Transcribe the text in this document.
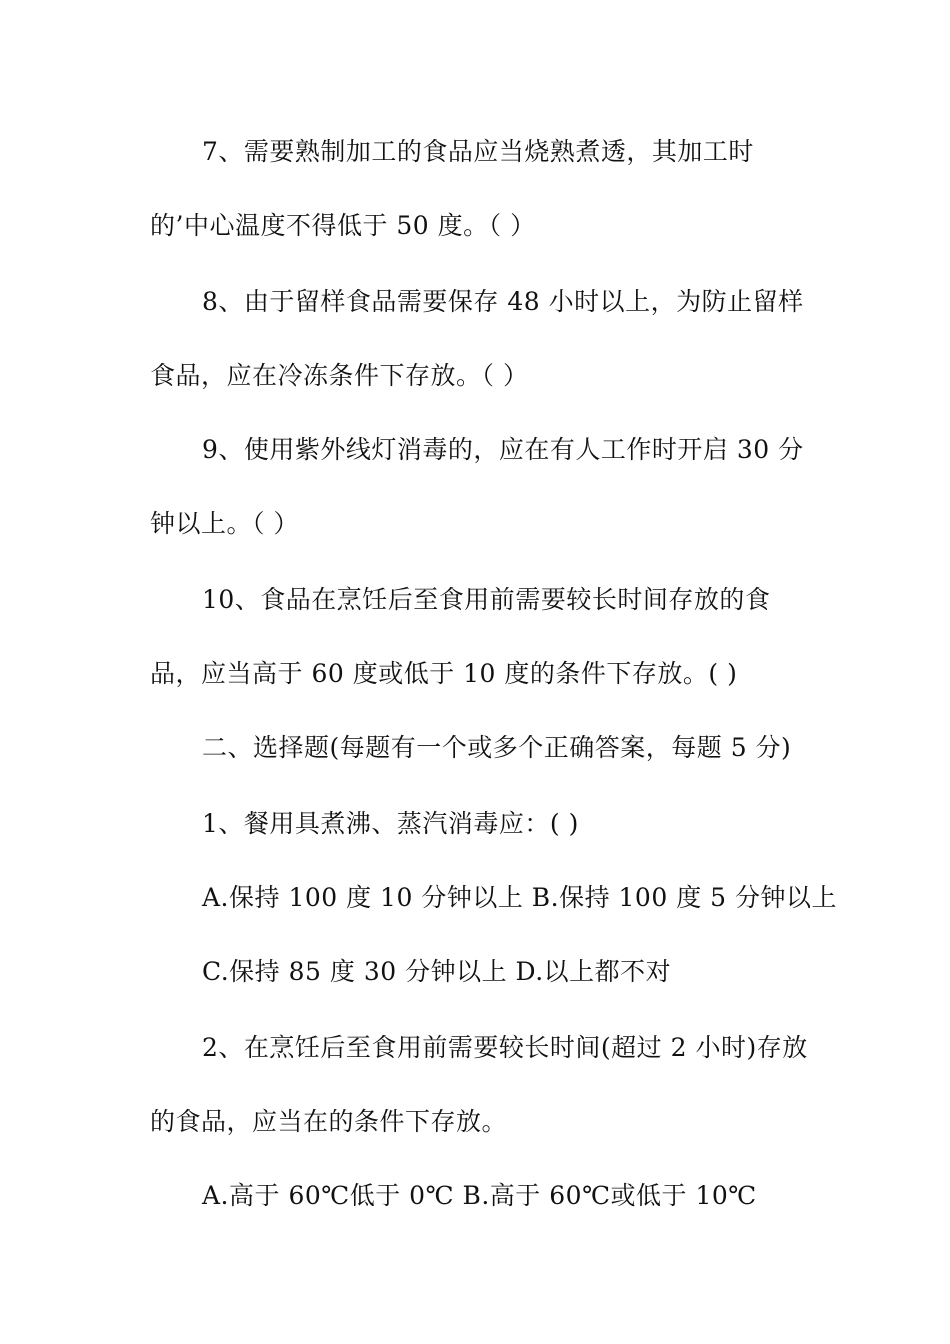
7、需要熟制加工的食品应当烧熟煮透，其加工时
的’中心温度不得低于 50 度。（ ）
8、由于留样食品需要保存 48 小时以上，为防止留样
食品，应在冷冻条件下存放。（ ）
9、使用紫外线灯消毒的，应在有人工作时开启 30 分
钟以上。（ ）
10、食品在烹饪后至食用前需要较长时间存放的食
品，应当高于 60 度或低于 10 度的条件下存放。( )
二、选择题(每题有一个或多个正确答案，每题 5 分)
1、餐用具煮沸、蒸汽消毒应：( )
A.保持 100 度 10 分钟以上 B.保持 100 度 5 分钟以上
C.保持 85 度 30 分钟以上 D.以上都不对
2、在烹饪后至食用前需要较长时间(超过 2 小时)存放
的食品，应当在的条件下存放。
A.高于 60℃低于 0℃ B.高于 60℃或低于 10℃
